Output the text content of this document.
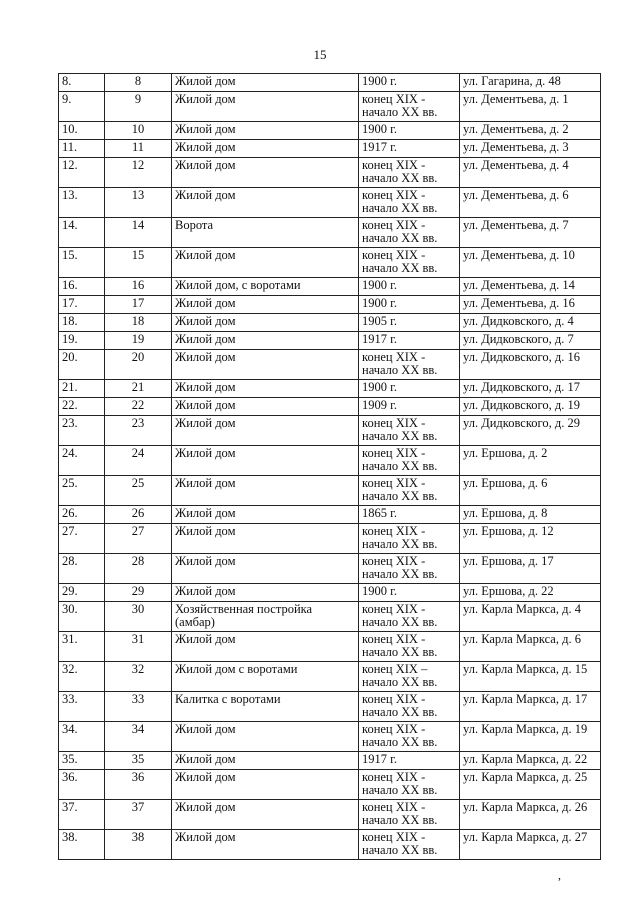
15
8.	8	Жилой дом	1900 г.	ул. Гагарина, д. 48
9.	9	Жилой дом	конец XIX - начало XX вв.	ул. Дементьева, д. 1
10.	10	Жилой дом	1900 г.	ул. Дементьева, д. 2
11.	11	Жилой дом	1917 г.	ул. Дементьева, д. 3
12.	12	Жилой дом	конец XIX - начало XX вв.	ул. Дементьева, д. 4
13.	13	Жилой дом	конец XIX - начало XX вв.	ул. Дементьева, д. 6
14.	14	Ворота	конец XIX - начало XX вв.	ул. Дементьева, д. 7
15.	15	Жилой дом	конец XIX - начало XX вв.	ул. Дементьева, д. 10
16.	16	Жилой дом, с воротами	1900 г.	ул. Дементьева, д. 14
17.	17	Жилой дом	1900 г.	ул. Дементьева, д. 16
18.	18	Жилой дом	1905 г.	ул. Дидковского, д. 4
19.	19	Жилой дом	1917 г.	ул. Дидковского, д. 7
20.	20	Жилой дом	конец XIX - начало XX вв.	ул. Дидковского, д. 16
21.	21	Жилой дом	1900 г.	ул. Дидковского, д. 17
22.	22	Жилой дом	1909 г.	ул. Дидковского, д. 19
23.	23	Жилой дом	конец XIX - начало XX вв.	ул. Дидковского, д. 29
24.	24	Жилой дом	конец XIX - начало XX вв.	ул. Ершова, д. 2
25.	25	Жилой дом	конец XIX - начало XX вв.	ул. Ершова, д. 6
26.	26	Жилой дом	1865 г.	ул. Ершова, д. 8
27.	27	Жилой дом	конец XIX - начало XX вв.	ул. Ершова, д. 12
28.	28	Жилой дом	конец XIX - начало XX вв.	ул. Ершова, д. 17
29.	29	Жилой дом	1900 г.	ул. Ершова, д. 22
30.	30	Хозяйственная постройка (амбар)	конец XIX - начало XX вв.	ул. Карла Маркса, д. 4
31.	31	Жилой дом	конец XIX - начало XX вв.	ул. Карла Маркса, д. 6
32.	32	Жилой дом с воротами	конец XIX – начало XX вв.	ул. Карла Маркса, д. 15
33.	33	Калитка с воротами	конец XIX - начало XX вв.	ул. Карла Маркса, д. 17
34.	34	Жилой дом	конец XIX - начало XX вв.	ул. Карла Маркса, д. 19
35.	35	Жилой дом	1917 г.	ул. Карла Маркса, д. 22
36.	36	Жилой дом	конец XIX - начало XX вв.	ул. Карла Маркса, д. 25
37.	37	Жилой дом	конец XIX - начало XX вв.	ул. Карла Маркса, д. 26
38.	38	Жилой дом	конец XIX - начало XX вв.	ул. Карла Маркса, д. 27
,
